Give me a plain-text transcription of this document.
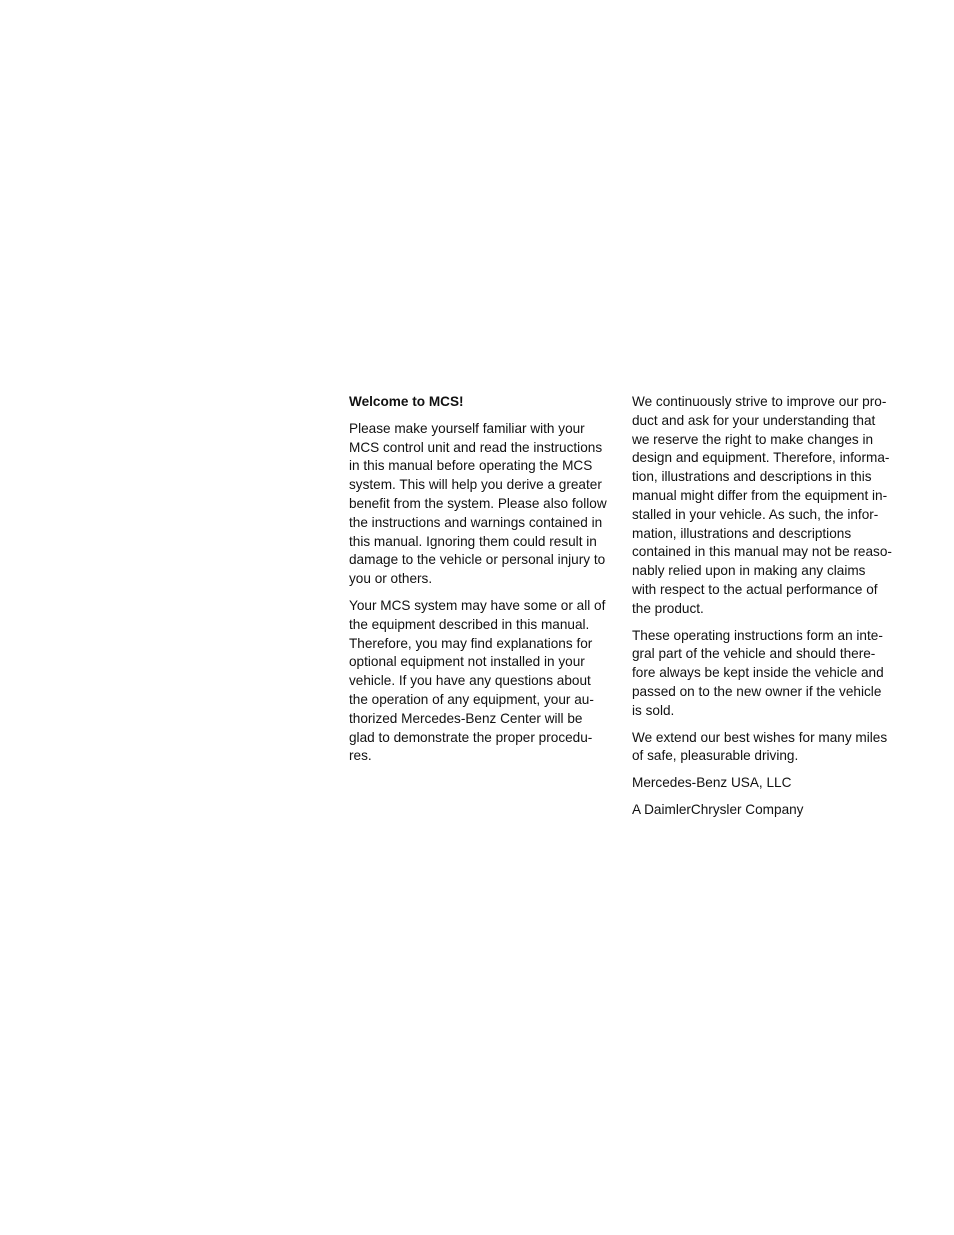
Welcome to MCS!
Please make yourself familiar with your
MCS control unit and read the instructions
in this manual before operating the MCS
system. This will help you derive a greater
benefit from the system. Please also follow
the instructions and warnings contained in
this manual. Ignoring them could result in
damage to the vehicle or personal injury to
you or others.
Your MCS system may have some or all of
the equipment described in this manual.
Therefore, you may find explanations for
optional equipment not installed in your
vehicle. If you have any questions about
the operation of any equipment, your au-
thorized Mercedes-Benz Center will be
glad to demonstrate the proper procedu-
res.
We continuously strive to improve our pro-
duct and ask for your understanding that
we reserve the right to make changes in
design and equipment. Therefore, informa-
tion, illustrations and descriptions in this
manual might differ from the equipment in-
stalled in your vehicle. As such, the infor-
mation, illustrations and descriptions
contained in this manual may not be reaso-
nably relied upon in making any claims
with respect to the actual performance of
the product.
These operating instructions form an inte-
gral part of the vehicle and should there-
fore always be kept inside the vehicle and
passed on to the new owner if the vehicle
is sold.
We extend our best wishes for many miles
of safe, pleasurable driving.
Mercedes-Benz USA, LLC
A DaimlerChrysler Company
